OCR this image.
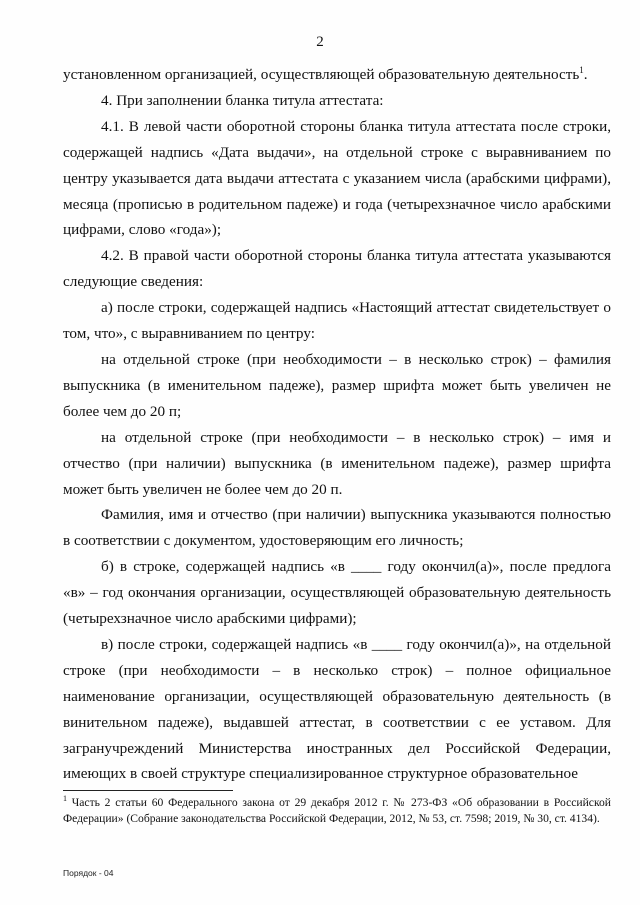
2

установленном организацией, осуществляющей образовательную деятельность$^1$.

4. При заполнении бланка титула аттестата:

4.1. В левой части оборотной стороны бланка титула аттестата после строки, содержащей надпись «Дата выдачи», на отдельной строке с выравниванием по центру указывается дата выдачи аттестата с указанием числа (арабскими цифрами), месяца (прописью в родительном падеже) и года (четырехзначное число арабскими цифрами, слово «года»);

4.2. В правой части оборотной стороны бланка титула аттестата указываются следующие сведения:

а) после строки, содержащей надпись «Настоящий аттестат свидетельствует о том, что», с выравниванием по центру:

на отдельной строке (при необходимости – в несколько строк) – фамилия выпускника (в именительном падеже), размер шрифта может быть увеличен не более чем до 20 п;

на отдельной строке (при необходимости – в несколько строк) – имя и отчество (при наличии) выпускника (в именительном падеже), размер шрифта может быть увеличен не более чем до 20 п.

Фамилия, имя и отчество (при наличии) выпускника указываются полностью в соответствии с документом, удостоверяющим его личность;

б) в строке, содержащей надпись «в ____ году окончил(а)», после предлога «в» – год окончания организации, осуществляющей образовательную деятельность (четырехзначное число арабскими цифрами);

в) после строки, содержащей надпись «в ____ году окончил(а)», на отдельной строке (при необходимости – в несколько строк) – полное официальное наименование организации, осуществляющей образовательную деятельность (в винительном падеже), выдавшей аттестат, в соответствии с ее уставом. Для загранучреждений Министерства иностранных дел Российской Федерации, имеющих в своей структуре специализированное структурное образовательное

$^1$ Часть 2 статьи 60 Федерального закона от 29 декабря 2012 г. № 273-ФЗ «Об образовании в Российской Федерации» (Собрание законодательства Российской Федерации, 2012, № 53, ст. 7598; 2019, № 30, ст. 4134).
Порядок - 04
